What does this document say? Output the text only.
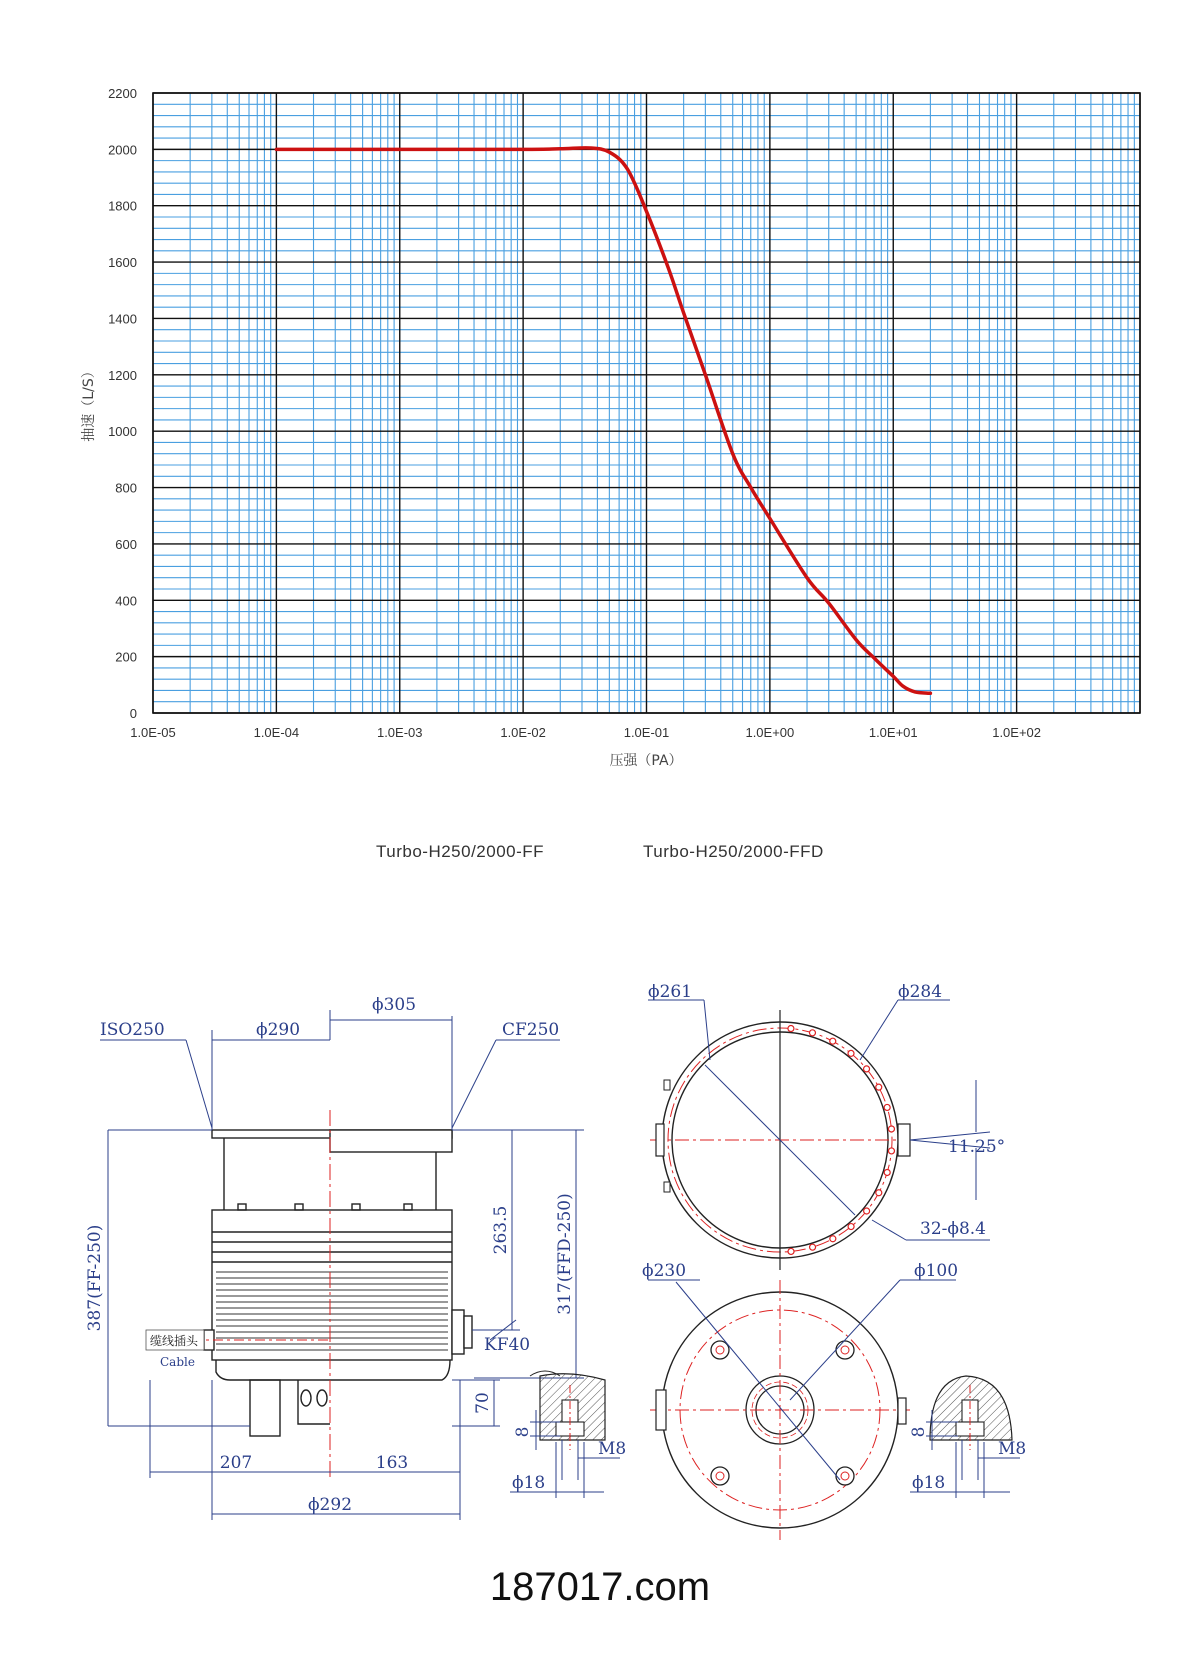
0
200
400
600
800
1000
1200
1400
1600
1800
2000
2200
1.0E-05	1.0E-04	1.0E-03	1.0E-02	1.0E-01	1.0E+00	1.0E+01	1.0E+02
压强（PA）
抽速（L/S）
Turbo-H250/2000-FF	Turbo-H250/2000-FFD
ISO250	CF250
ϕ290
ϕ305
387(FF-250)	317(FFD-250)
263.5
KF40
缆线插头
Cable
70
207	163
ϕ292
ϕ261	ϕ284
11.25°
32-ϕ8.4
ϕ230	ϕ100
8
M8
ϕ18
8
M8
ϕ18
187017.com
